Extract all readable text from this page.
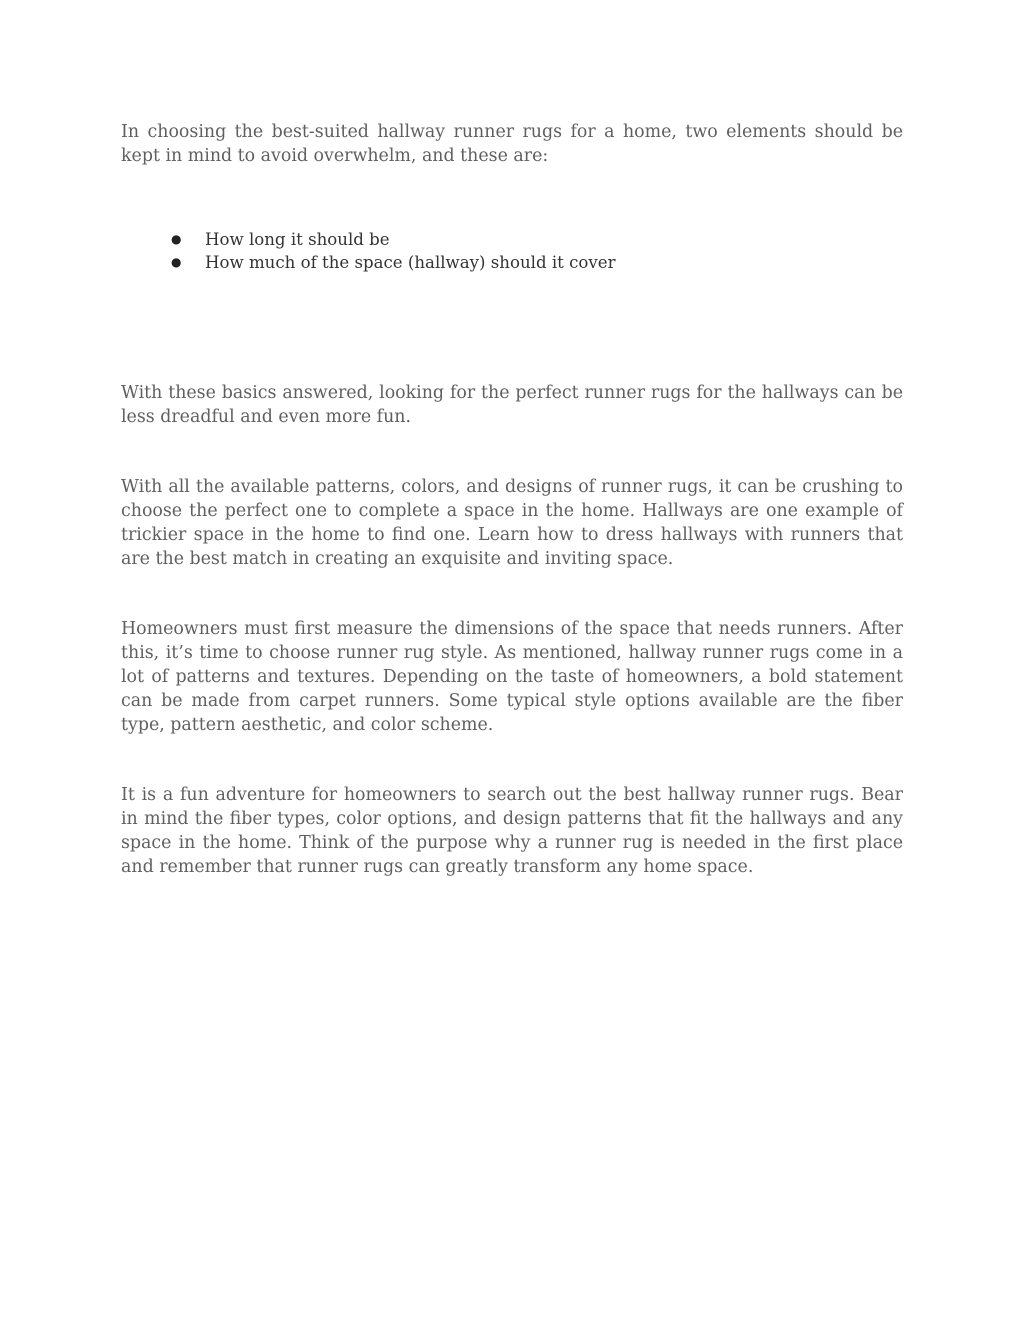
In choosing the best-suited hallway runner rugs for a home, two elements should be kept in mind to avoid overwhelm, and these are:

● How long it should be
● How much of the space (hallway) should it cover

With these basics answered, looking for the perfect runner rugs for the hallways can be less dreadful and even more fun.

With all the available patterns, colors, and designs of runner rugs, it can be crushing to choose the perfect one to complete a space in the home. Hallways are one example of trickier space in the home to find one. Learn how to dress hallways with runners that are the best match in creating an exquisite and inviting space.

Homeowners must first measure the dimensions of the space that needs runners. After this, it’s time to choose runner rug style. As mentioned, hallway runner rugs come in a lot of patterns and textures. Depending on the taste of homeowners, a bold statement can be made from carpet runners. Some typical style options available are the fiber type, pattern aesthetic, and color scheme.

It is a fun adventure for homeowners to search out the best hallway runner rugs. Bear in mind the fiber types, color options, and design patterns that fit the hallways and any space in the home. Think of the purpose why a runner rug is needed in the first place and remember that runner rugs can greatly transform any home space.
